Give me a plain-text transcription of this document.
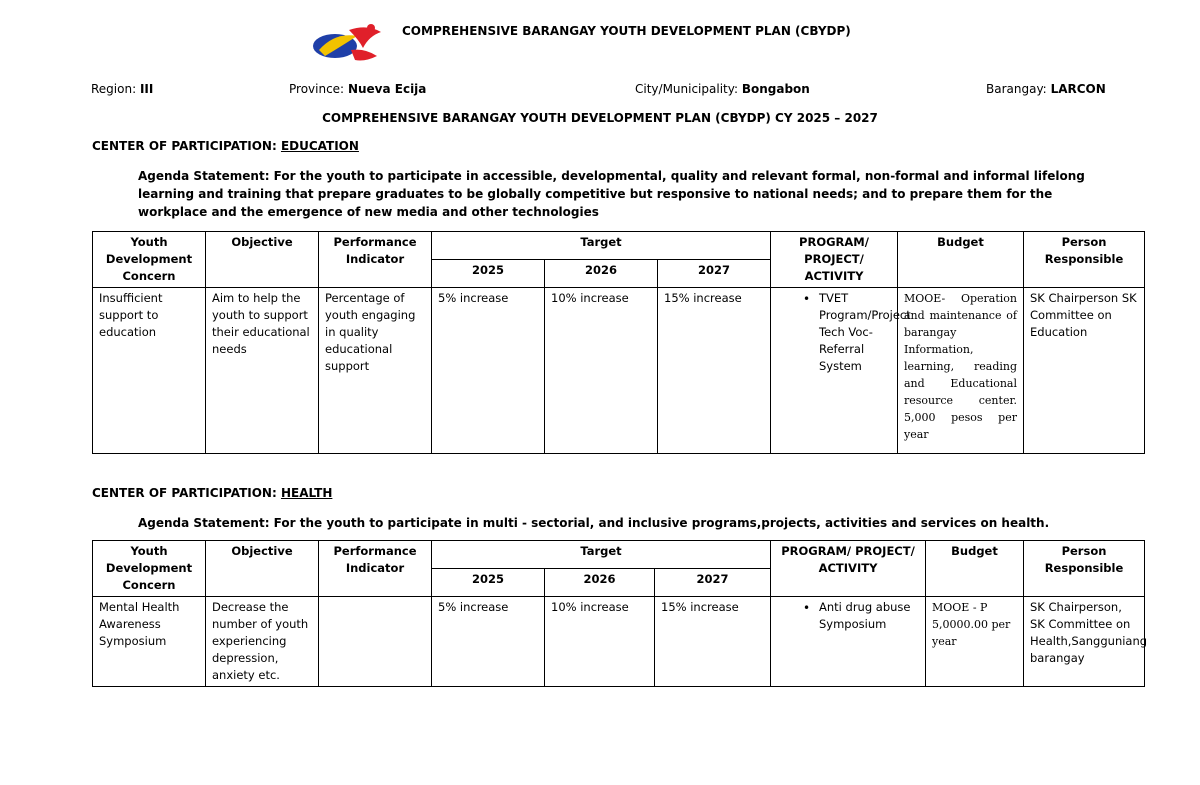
COMPREHENSIVE BARANGAY YOUTH DEVELOPMENT PLAN (CBYDP)
Region: III	Province: Nueva Ecija	City/Municipality: Bongabon	Barangay: LARCON
COMPREHENSIVE BARANGAY YOUTH DEVELOPMENT PLAN (CBYDP) CY 2025 – 2027
CENTER OF PARTICIPATION: EDUCATION
Agenda Statement: For the youth to participate in accessible, developmental, quality and relevant formal, non-formal and informal lifelong learning and training that prepare graduates to be globally competitive but responsive to national needs; and to prepare them for the workplace and the emergence of new media and other technologies
Youth Development Concern	Objective	Performance Indicator	Target			PROGRAM/ PROJECT/ ACTIVITY	Budget	Person Responsible
			2025	2026	2027			
Insufficient support to education	Aim to help the youth to support their educational needs	Percentage of youth engaging in quality educational support	5% increase	10% increase	15% increase	• TVET Program/Project Tech Voc-Referral System	MOOE- Operation and maintenance of barangay Information, learning, reading and Educational resource center. 5,000 pesos per year	SK Chairperson SK Committee on Education
CENTER OF PARTICIPATION: HEALTH
Agenda Statement: For the youth to participate in multi - sectorial, and inclusive programs,projects, activities and services on health.
Youth Development Concern	Objective	Performance Indicator	Target			PROGRAM/ PROJECT/ ACTIVITY	Budget	Person Responsible
			2025	2026	2027			
Mental Health Awareness Symposium	Decrease the number of youth experiencing depression, anxiety etc.		5% increase	10% increase	15% increase	• Anti drug abuse Symposium	MOOE - P 5,0000.00 per year	SK Chairperson, SK Committee on Health,Sangguniang barangay
